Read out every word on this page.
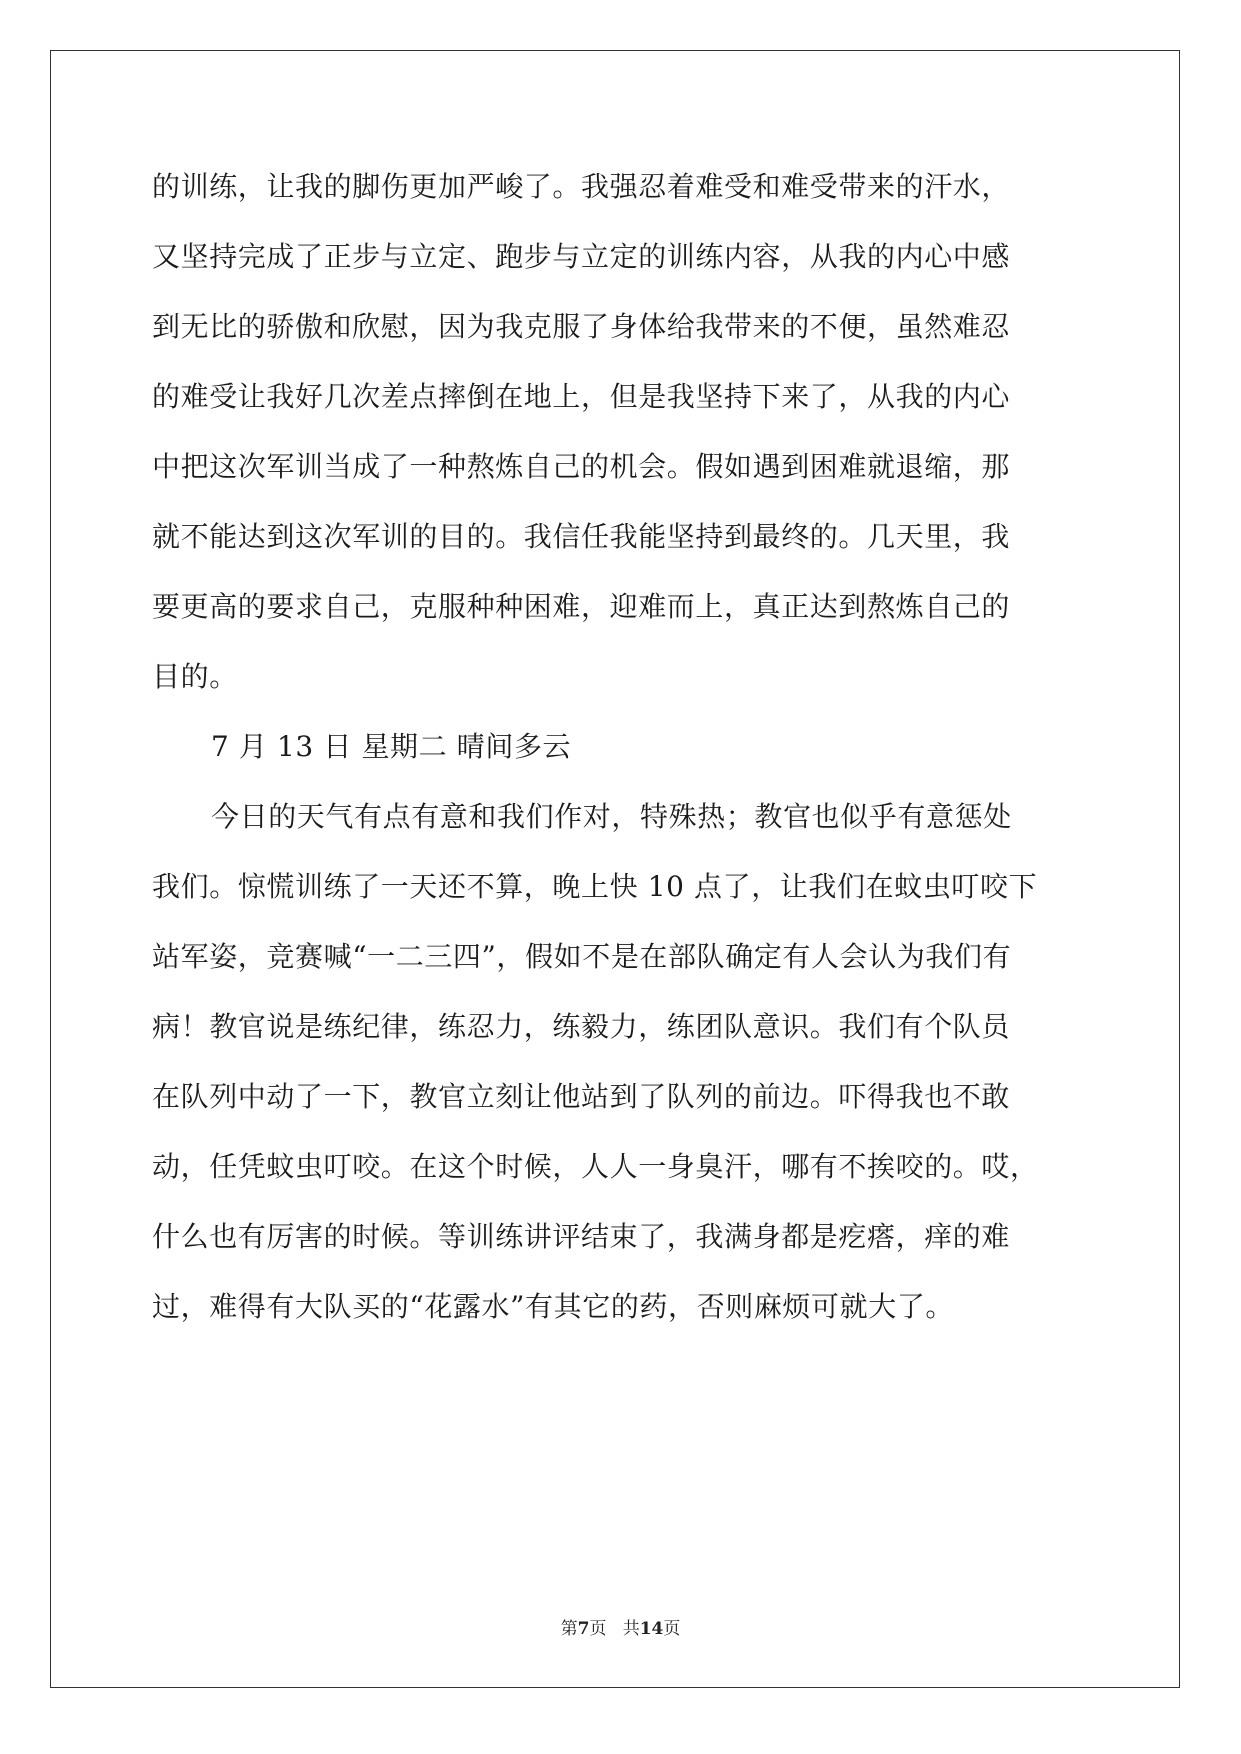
的训练，让我的脚伤更加严峻了。我强忍着难受和难受带来的汗水，
又坚持完成了正步与立定、跑步与立定的训练内容，从我的内心中感
到无比的骄傲和欣慰，因为我克服了身体给我带来的不便，虽然难忍
的难受让我好几次差点摔倒在地上，但是我坚持下来了，从我的内心
中把这次军训当成了一种熬炼自己的机会。假如遇到困难就退缩，那
就不能达到这次军训的目的。我信任我能坚持到最终的。几天里，我
要更高的要求自己，克服种种困难，迎难而上，真正达到熬炼自己的
目的。
7 月 13 日 星期二 晴间多云
今日的天气有点有意和我们作对，特殊热；教官也似乎有意惩处
我们。惊慌训练了一天还不算，晚上快 10 点了，让我们在蚊虫叮咬下
站军姿，竞赛喊“一二三四”，假如不是在部队确定有人会认为我们有
病！教官说是练纪律，练忍力，练毅力，练团队意识。我们有个队员
在队列中动了一下，教官立刻让他站到了队列的前边。吓得我也不敢
动，任凭蚊虫叮咬。在这个时候，人人一身臭汗，哪有不挨咬的。哎，
什么也有厉害的时候。等训练讲评结束了，我满身都是疙瘩，痒的难
过，难得有大队买的“花露水”有其它的药，否则麻烦可就大了。
第7页 共14页
